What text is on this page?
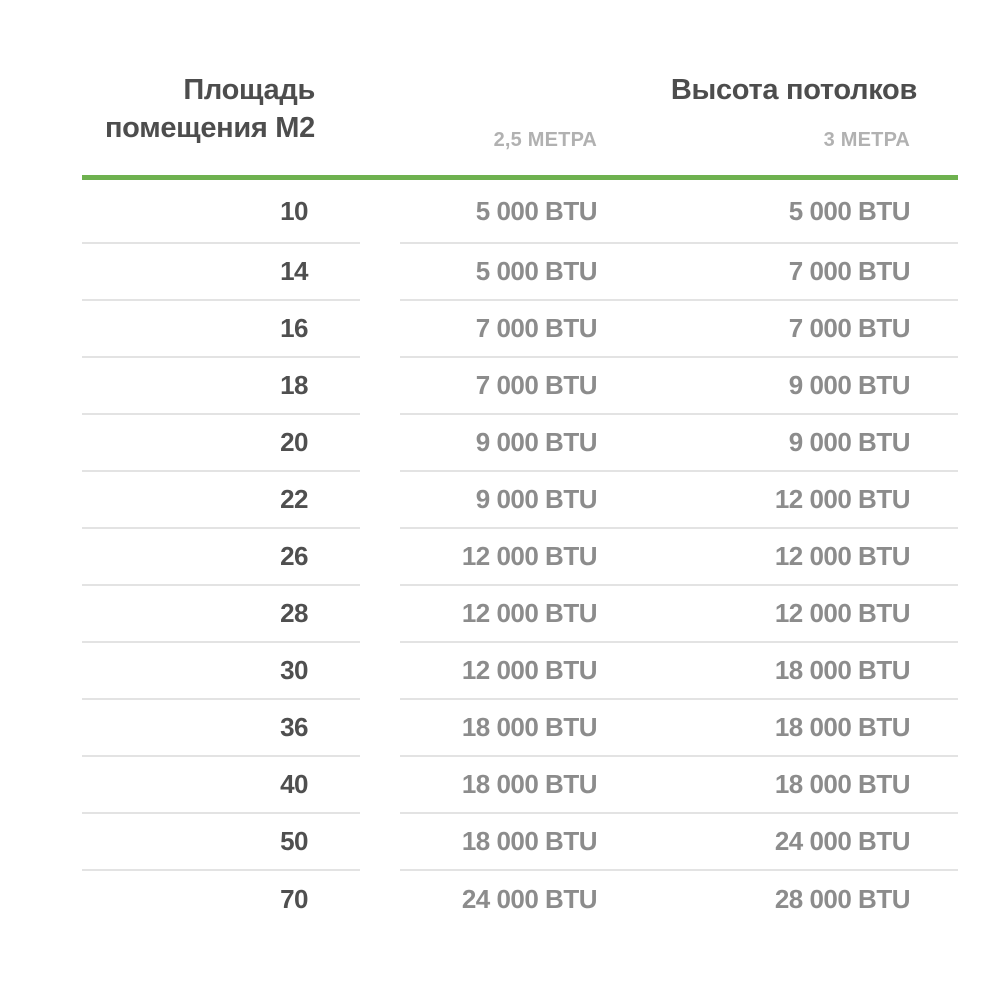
Площадь
помещения М2
Высота потолков
2,5 МЕТРА	3 МЕТРА
10	5 000 BTU	5 000 BTU
14	5 000 BTU	7 000 BTU
16	7 000 BTU	7 000 BTU
18	7 000 BTU	9 000 BTU
20	9 000 BTU	9 000 BTU
22	9 000 BTU	12 000 BTU
26	12 000 BTU	12 000 BTU
28	12 000 BTU	12 000 BTU
30	12 000 BTU	18 000 BTU
36	18 000 BTU	18 000 BTU
40	18 000 BTU	18 000 BTU
50	18 000 BTU	24 000 BTU
70	24 000 BTU	28 000 BTU
